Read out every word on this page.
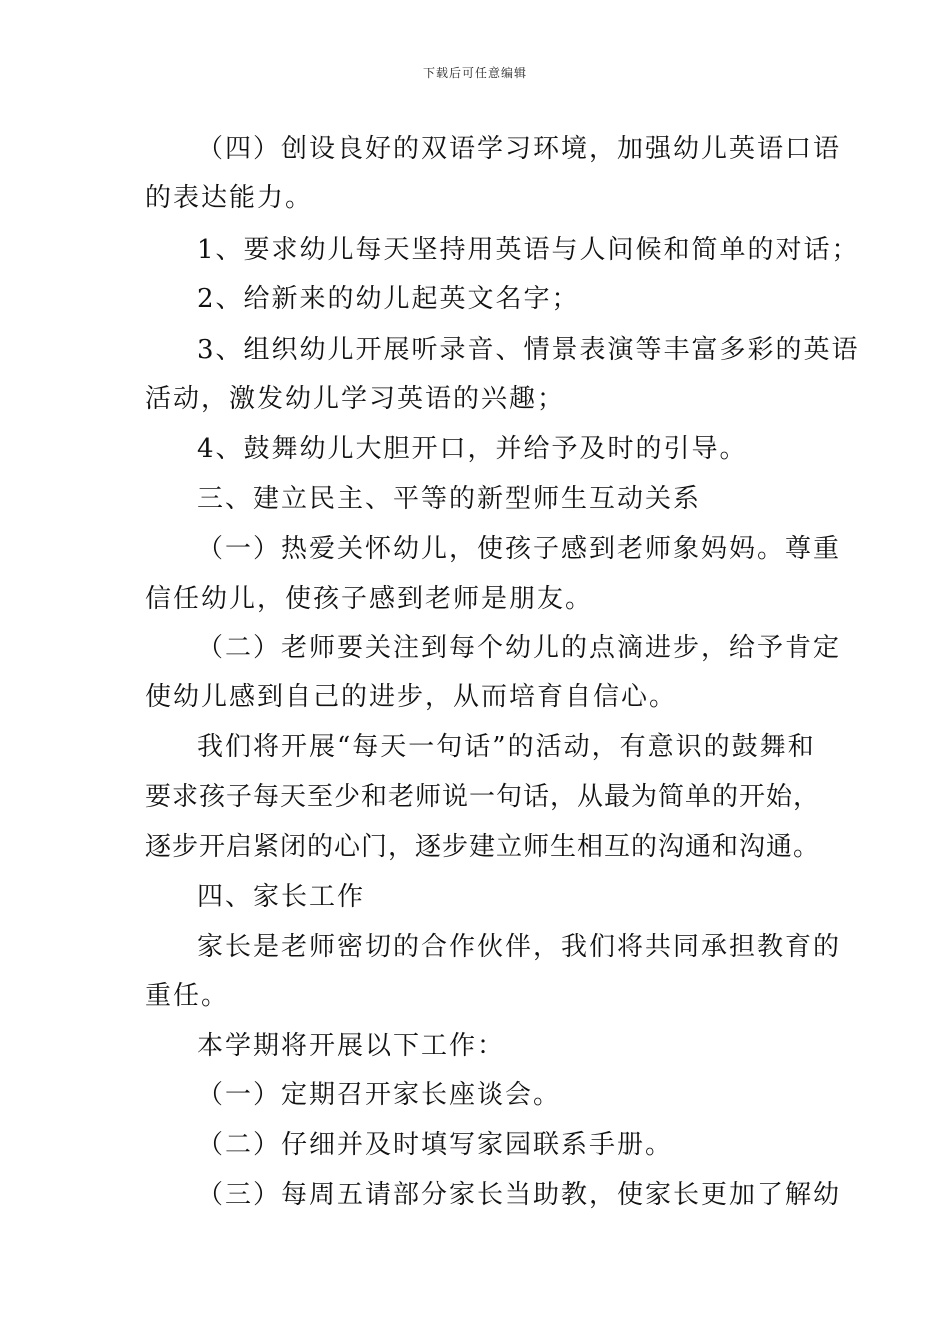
下载后可任意编辑
（四）创设良好的双语学习环境，加强幼儿英语口语
的表达能力。
1、要求幼儿每天坚持用英语与人问候和简单的对话；
2、给新来的幼儿起英文名字；
3、组织幼儿开展听录音、情景表演等丰富多彩的英语
活动，激发幼儿学习英语的兴趣；
4、鼓舞幼儿大胆开口，并给予及时的引导。
三、建立民主、平等的新型师生互动关系
（一）热爱关怀幼儿，使孩子感到老师象妈妈。尊重
信任幼儿，使孩子感到老师是朋友。
（二）老师要关注到每个幼儿的点滴进步，给予肯定
使幼儿感到自己的进步，从而培育自信心。
我们将开展“每天一句话”的活动，有意识的鼓舞和
要求孩子每天至少和老师说一句话，从最为简单的开始，
逐步开启紧闭的心门，逐步建立师生相互的沟通和沟通。
四、家长工作
家长是老师密切的合作伙伴，我们将共同承担教育的
重任。
本学期将开展以下工作：
（一）定期召开家长座谈会。
（二）仔细并及时填写家园联系手册。
（三）每周五请部分家长当助教，使家长更加了解幼
